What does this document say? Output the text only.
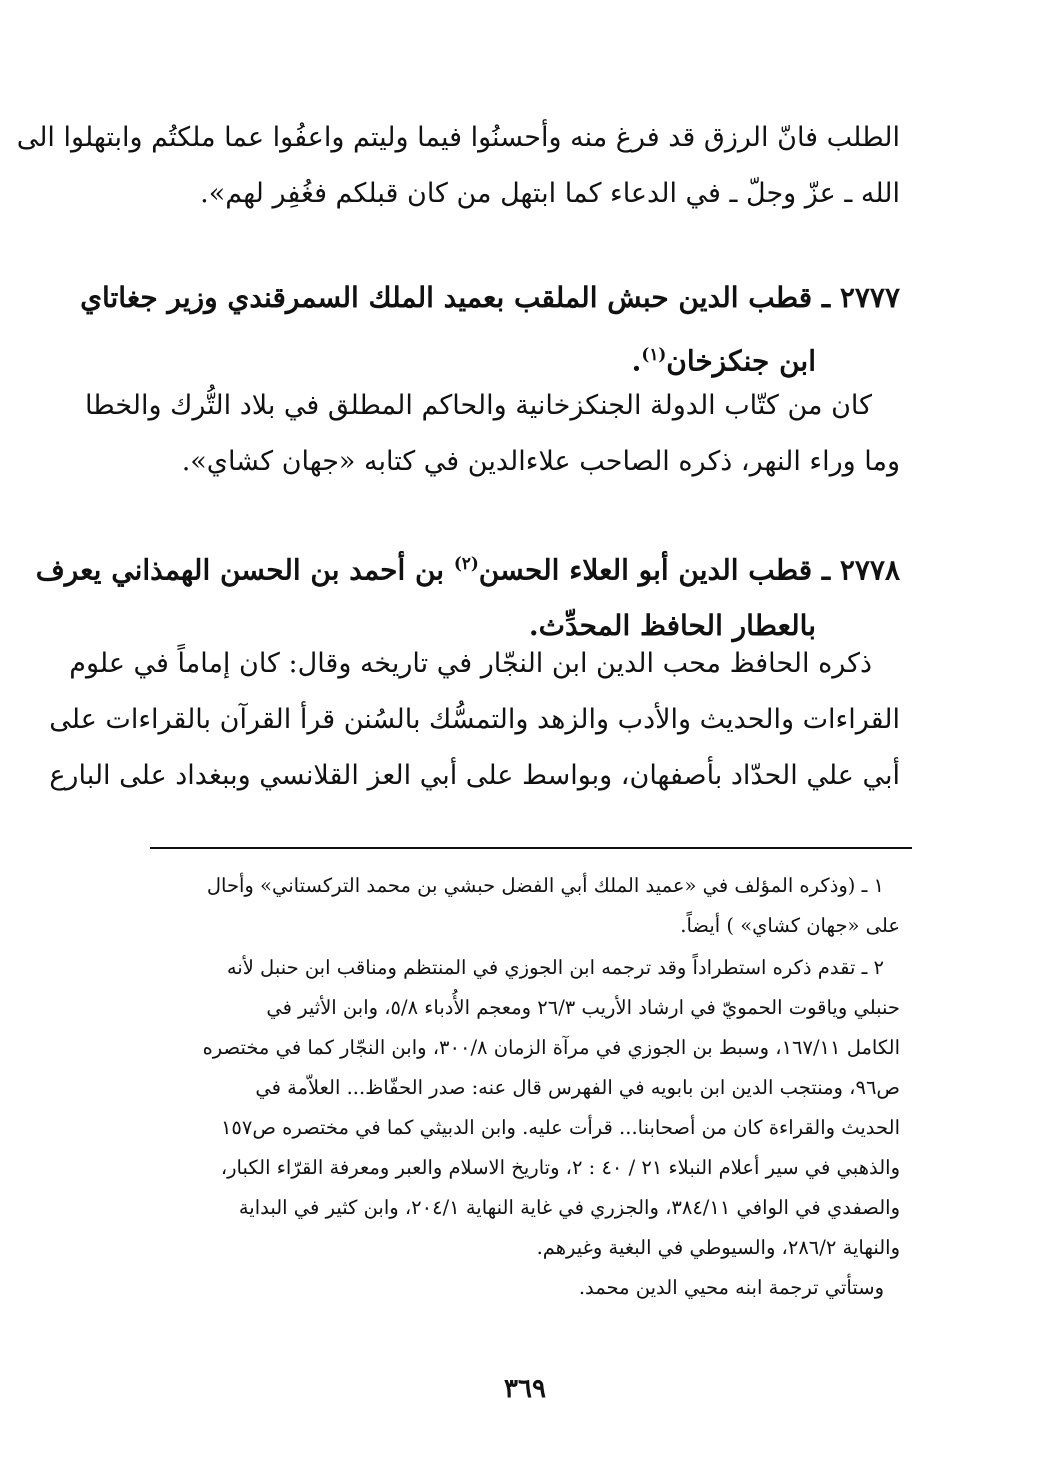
الطلب فانّ الرزق قد فرغ منه وأحسنُوا فيما وليتم واعفُوا عما ملكتُم وابتهلوا الى
الله ـ عزّ وجلّ ـ في الدعاء كما ابتهل من كان قبلكم فغُفِر لهم».
٢٧٧٧ ـ قطب الدين حبش الملقب بعميد الملك السمرقندي وزير جغاتاي
ابن جنكزخان$^{(١)}$.
كان من كتّاب الدولة الجنكزخانية والحاكم المطلق في بلاد التُّرك والخطا
وما وراء النهر، ذكره الصاحب علاءالدين في كتابه «جهان كشاي».
٢٧٧٨ ـ قطب الدين أبو العلاء الحسن$^{(٢)}$ بن أحمد بن الحسن الهمذاني يعرف
بالعطار الحافظ المحدِّث.
ذكره الحافظ محب الدين ابن النجّار في تاريخه وقال: كان إماماً في علوم
القراءات والحديث والأدب والزهد والتمسُّك بالسُنن قرأ القرآن بالقراءات على
أبي علي الحدّاد بأصفهان، وبواسط على أبي العز القلانسي وببغداد على البارع
١ ـ (وذكره المؤلف في «عميد الملك أبي الفضل حبشي بن محمد التركستاني» وأحال
على «جهان كشاي» ) أيضاً.
٢ ـ تقدم ذكره استطراداً وقد ترجمه ابن الجوزي في المنتظم ومناقب ابن حنبل لأنه
حنبلي وياقوت الحمويّ في ارشاد الأريب ٢٦/٣ ومعجم الأُدباء ٥/٨، وابن الأثير في
الكامل ١٦٧/١١، وسبط بن الجوزي في مرآة الزمان ٣٠٠/٨، وابن النجّار كما في مختصره
ص٩٦، ومنتجب الدين ابن بابويه في الفهرس قال عنه: صدر الحفّاظ... العلاّمة في
الحديث والقراءة كان من أصحابنا... قرأت عليه. وابن الدبيثي كما في مختصره ص١٥٧
والذهبي في سير أعلام النبلاء ٢١ / ٤٠ : ٢، وتاريخ الاسلام والعبر ومعرفة القرّاء الكبار،
والصفدي في الوافي ٣٨٤/١١، والجزري في غاية النهاية ٢٠٤/١، وابن كثير في البداية
والنهاية ٢٨٦/٢، والسيوطي في البغية وغيرهم.
وستأتي ترجمة ابنه محيي الدين محمد.
٣٦٩
